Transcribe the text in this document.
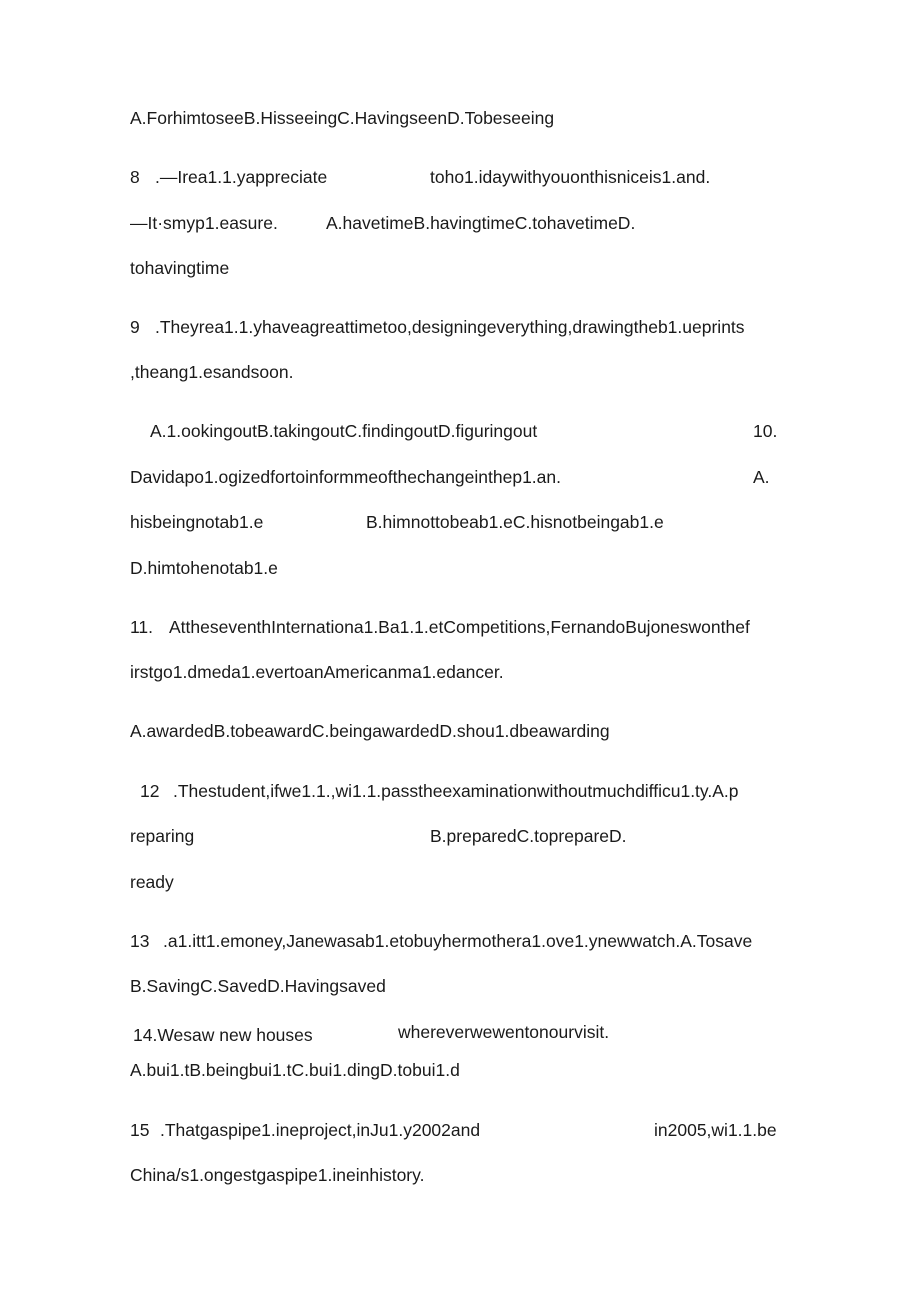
A.ForhimtoseeB.HisseeingC.HavingseenD.Tobeseeing
8 .—Irea1.1.yappreciate	toho1.idaywithyouonthisniceis1.and.
—It·smyp1.easure.	A.havetimeB.havingtimeC.tohavetimeD.
tohavingtime
9 .Theyrea1.1.yhaveagreattimetoo,designingeverything,drawingtheb1.ueprints
,theang1.esandsoon.
A.1.ookingoutB.takingoutC.findingoutD.figuringout	10.
Davidapo1.ogizedfortoinformmeofthechangeinthep1.an.	A.
hisbeingnotab1.e	B.himnottobeab1.eC.hisnotbeingab1.e
D.himtohenotab1.e
11. AttheseventhInternationa1.Ba1.1.etCompetitions,FernandoBujoneswonthef
irstgo1.dmeda1.evertoanAmericanma1.edancer.
A.awardedB.tobeawardC.beingawardedD.shou1.dbeawarding
12 .Thestudent,ifwe1.1.,wi1.1.passtheexaminationwithoutmuchdifficu1.ty.A.p
reparing	B.preparedC.toprepareD.
ready
13 .a1.itt1.emoney,Janewasab1.etobuyhermothera1.ove1.ynewwatch.A.Tosave
B.SavingC.SavedD.Havingsaved
14.Wesaw new houses	whereverwewentonourvisit.
A.bui1.tB.beingbui1.tC.bui1.dingD.tobui1.d
15 .Thatgaspipe1.ineproject,inJu1.y2002and	in2005,wi1.1.be
China/s1.ongestgaspipe1.ineinhistory.
